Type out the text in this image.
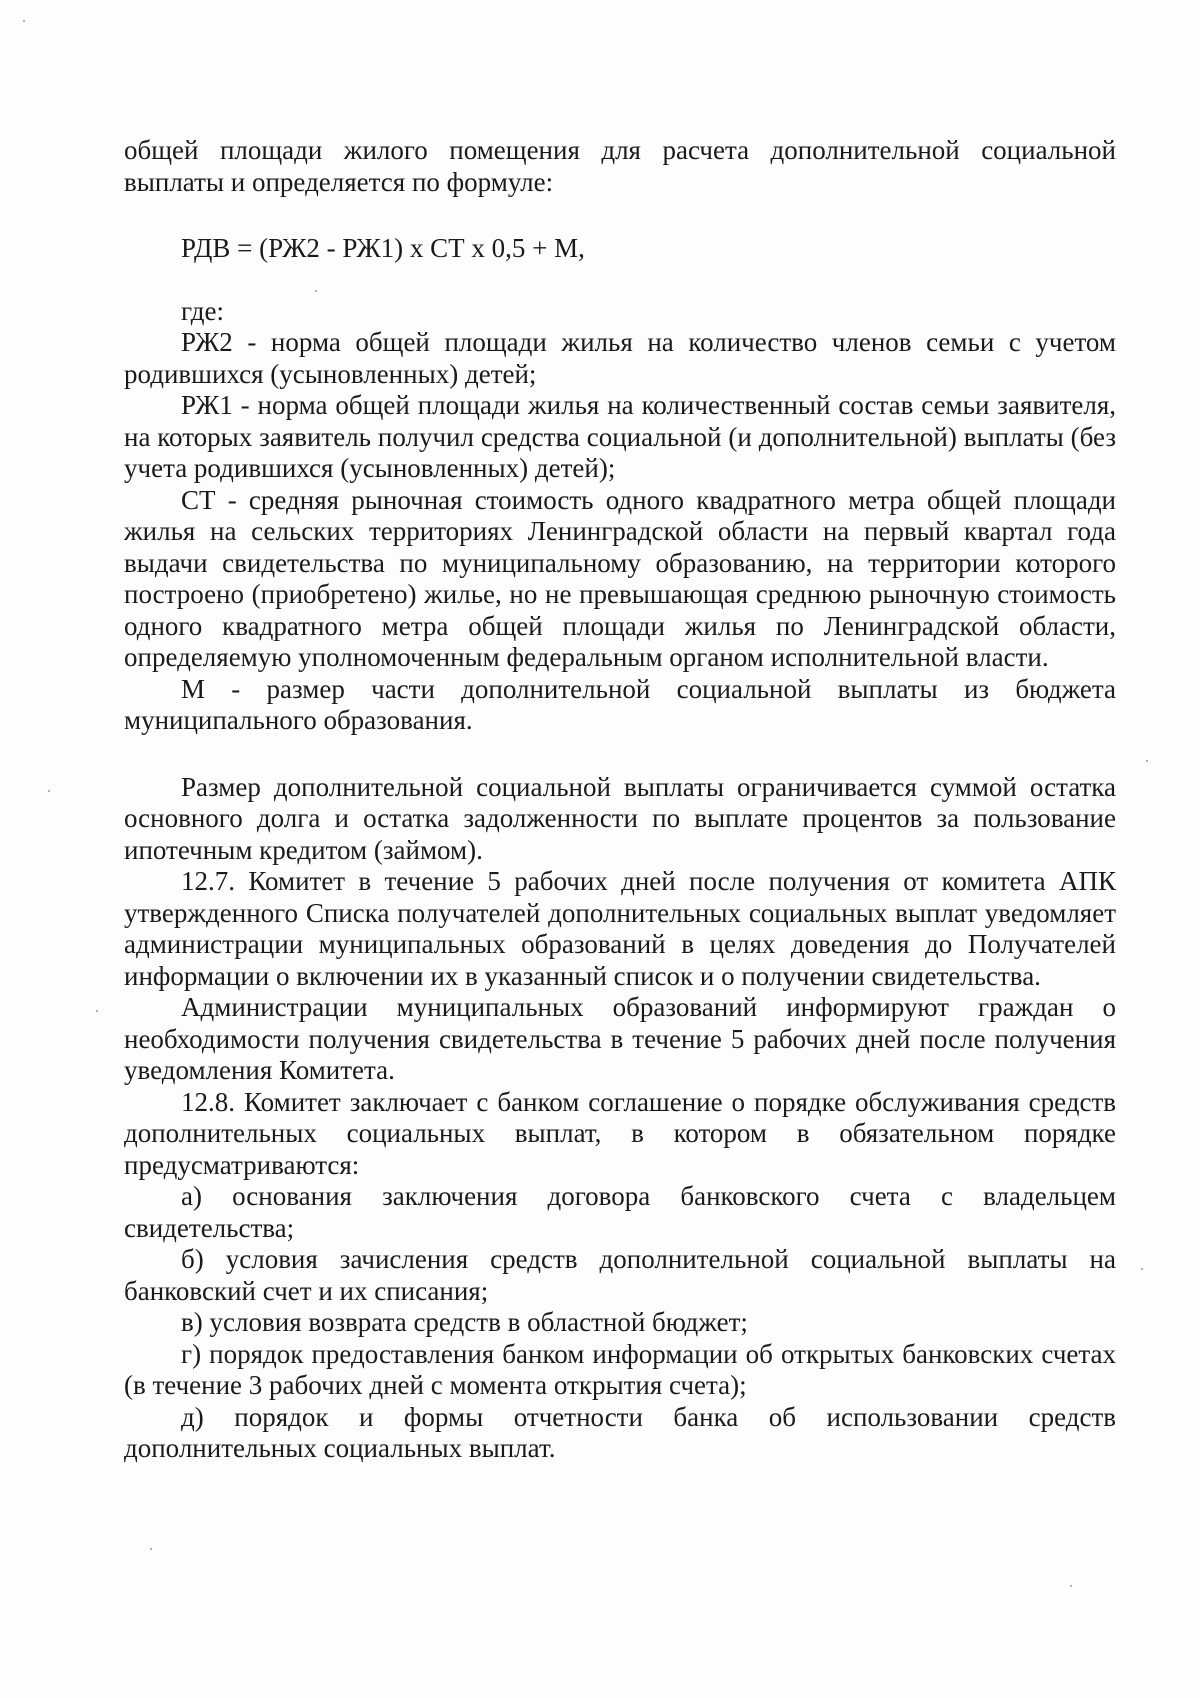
общей площади жилого помещения для расчета дополнительной социальной выплаты и определяется по формуле:

РДВ = (РЖ2 - РЖ1) x СТ x 0,5 + М,

где:

РЖ2 - норма общей площади жилья на количество членов семьи с учетом родившихся (усыновленных) детей;

РЖ1 - норма общей площади жилья на количественный состав семьи заявителя, на которых заявитель получил средства социальной (и дополнительной) выплаты (без учета родившихся (усыновленных) детей);

СТ - средняя рыночная стоимость одного квадратного метра общей площади жилья на сельских территориях Ленинградской области на первый квартал года выдачи свидетельства по муниципальному образованию, на территории которого построено (приобретено) жилье, но не превышающая среднюю рыночную стоимость одного квадратного метра общей площади жилья по Ленинградской области, определяемую уполномоченным федеральным органом исполнительной власти.

М - размер части дополнительной социальной выплаты из бюджета муниципального образования.

Размер дополнительной социальной выплаты ограничивается суммой остатка основного долга и остатка задолженности по выплате процентов за пользование ипотечным кредитом (займом).

12.7. Комитет в течение 5 рабочих дней после получения от комитета АПК утвержденного Списка получателей дополнительных социальных выплат уведомляет администрации муниципальных образований в целях доведения до Получателей информации о включении их в указанный список и о получении свидетельства.

Администрации муниципальных образований информируют граждан о необходимости получения свидетельства в течение 5 рабочих дней после получения уведомления Комитета.

12.8. Комитет заключает с банком соглашение о порядке обслуживания средств дополнительных социальных выплат, в котором в обязательном порядке предусматриваются:

а) основания заключения договора банковского счета с владельцем свидетельства;

б) условия зачисления средств дополнительной социальной выплаты на банковский счет и их списания;

в) условия возврата средств в областной бюджет;

г) порядок предоставления банком информации об открытых банковских счетах (в течение 3 рабочих дней с момента открытия счета);

д) порядок и формы отчетности банка об использовании средств дополнительных социальных выплат.
